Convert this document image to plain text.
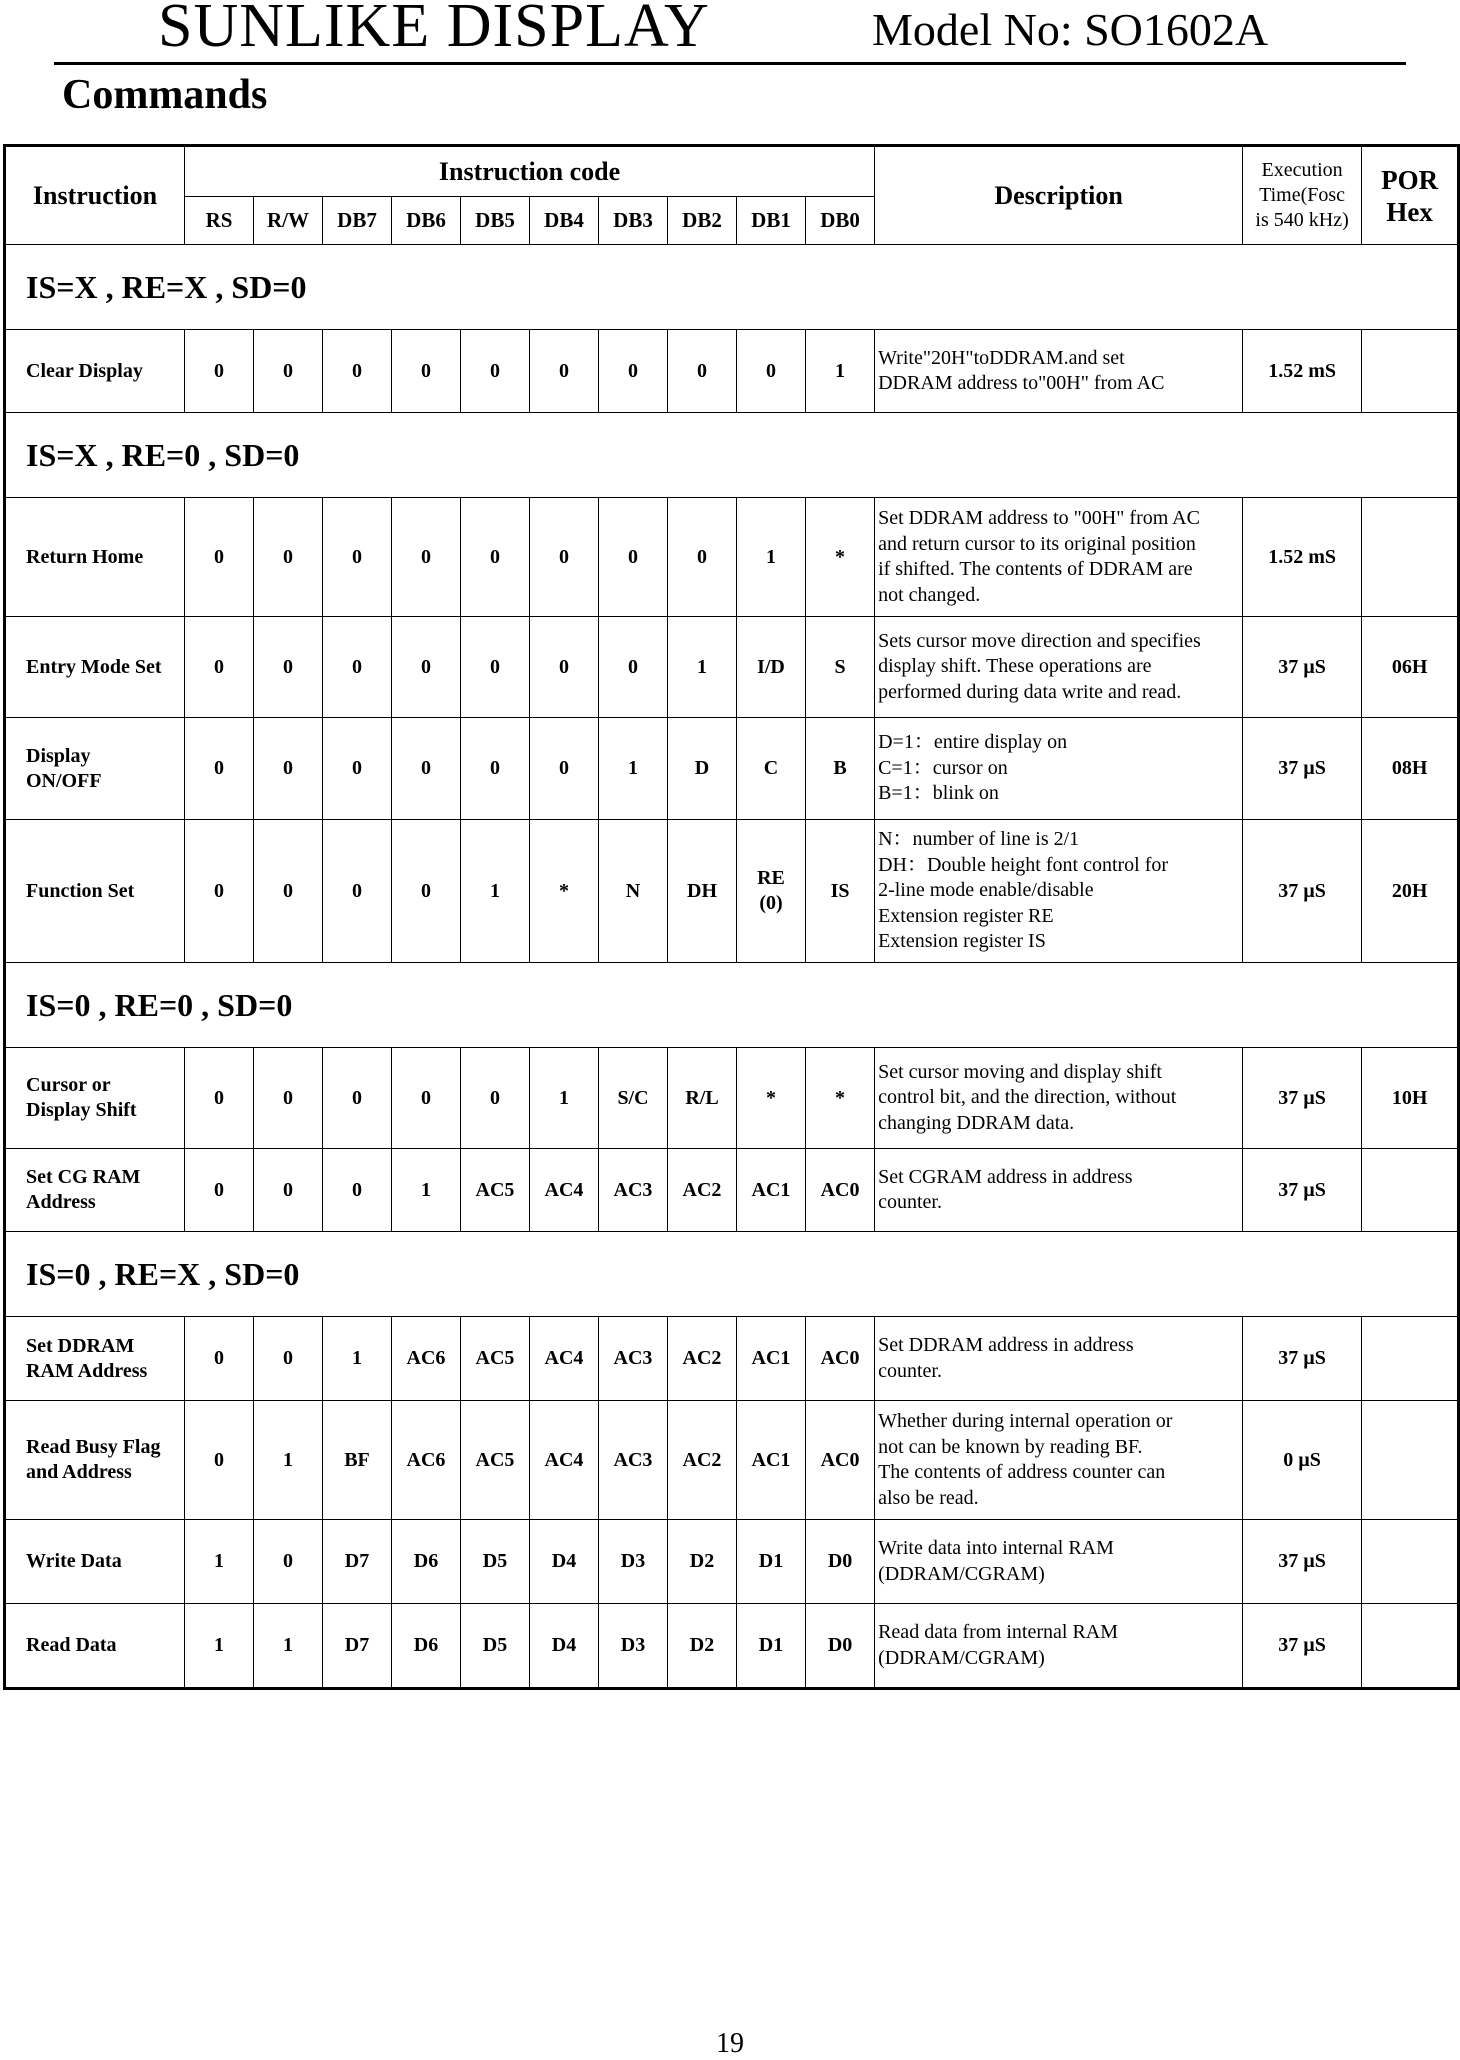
SUNLIKE DISPLAY	Model No: SO1602A
Commands
Instruction	Instruction code										Description	Execution
Time(Fosc
is 540 kHz)	POR
Hex
	RS	R/W	DB7	DB6	DB5	DB4	DB3	DB2	DB1	DB0			
IS=X , RE=X , SD=0													
Clear Display	0	0	0	0	0	0	0	0	0	1	Write"20H"toDDRAM.and set
DDRAM address to"00H" from AC	1.52 mS	
IS=X , RE=0 , SD=0													
Return Home	0	0	0	0	0	0	0	0	1	*	Set DDRAM address to "00H" from AC
and return cursor to its original position
if shifted. The contents of DDRAM are
not changed.	1.52 mS	
Entry Mode Set	0	0	0	0	0	0	0	1	I/D	S	Sets cursor move direction and specifies
display shift. These operations are
performed during data write and read.	37 µS	06H
Display
ON/OFF	0	0	0	0	0	0	1	D	C	B	D=1：entire display on
C=1：cursor on
B=1：blink on	37 µS	08H
Function Set	0	0	0	0	1	*	N	DH	RE
(0)	IS	N：number of line is 2/1
DH：Double height font control for
2-line mode enable/disable
Extension register RE
Extension register IS	37 µS	20H
IS=0 , RE=0 , SD=0													
Cursor or
Display Shift	0	0	0	0	0	1	S/C	R/L	*	*	Set cursor moving and display shift
control bit, and the direction, without
changing DDRAM data.	37 µS	10H
Set CG RAM
Address	0	0	0	1	AC5	AC4	AC3	AC2	AC1	AC0	Set CGRAM address in address
counter.	37 µS	
IS=0 , RE=X , SD=0													
Set DDRAM
RAM Address	0	0	1	AC6	AC5	AC4	AC3	AC2	AC1	AC0	Set DDRAM address in address
counter.	37 µS	
Read Busy Flag
and Address	0	1	BF	AC6	AC5	AC4	AC3	AC2	AC1	AC0	Whether during internal operation or
not can be known by reading BF.
The contents of address counter can
also be read.	0 µS	
Write Data	1	0	D7	D6	D5	D4	D3	D2	D1	D0	Write data into internal RAM
(DDRAM/CGRAM)	37 µS	
Read Data	1	1	D7	D6	D5	D4	D3	D2	D1	D0	Read data from internal RAM
(DDRAM/CGRAM)	37 µS	
19
